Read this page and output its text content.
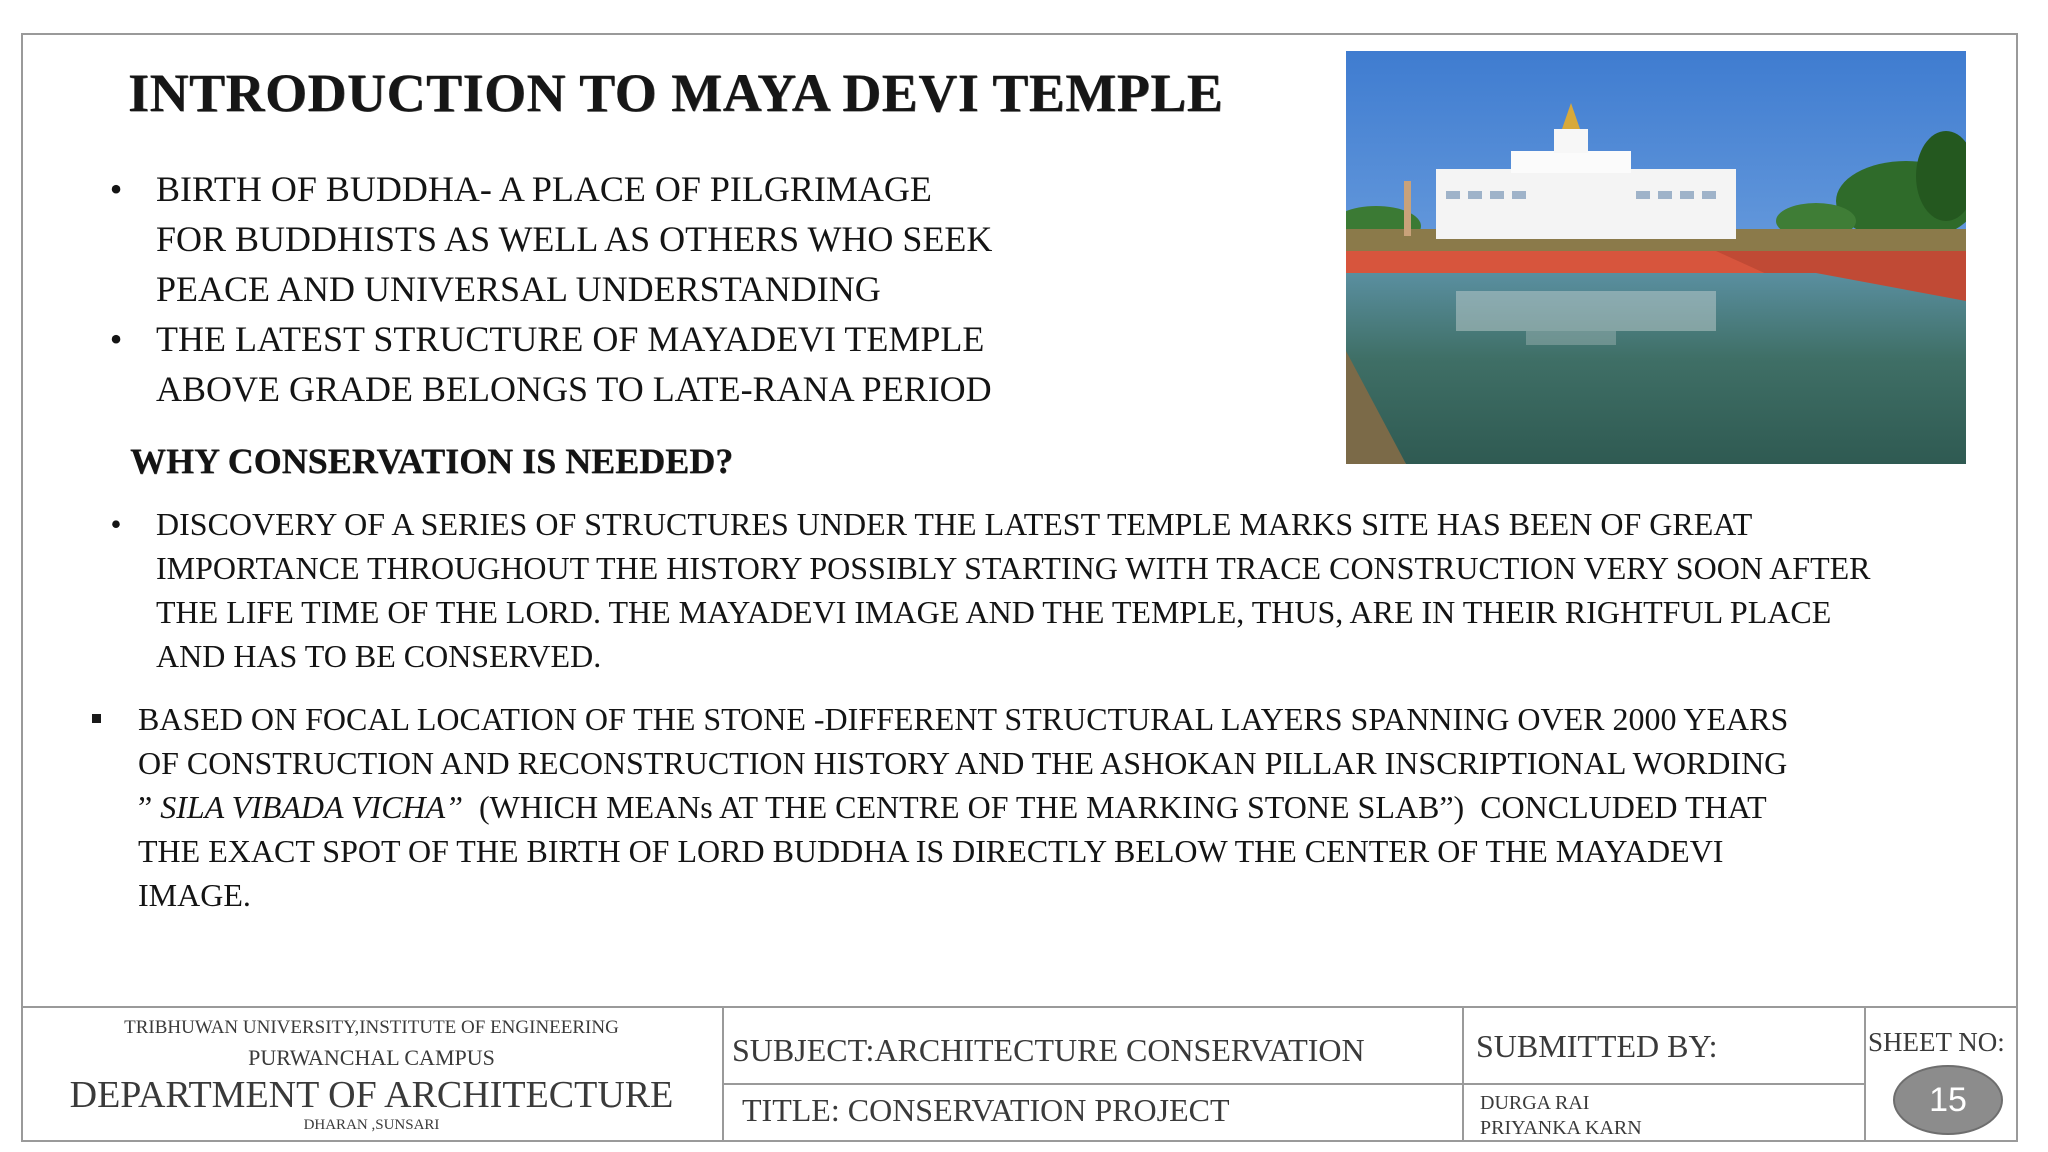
INTRODUCTION TO MAYA DEVI TEMPLE
• BIRTH OF BUDDHA- A PLACE OF PILGRIMAGE
FOR BUDDHISTS AS WELL AS OTHERS WHO SEEK
PEACE AND UNIVERSAL UNDERSTANDING
• THE LATEST STRUCTURE OF MAYADEVI TEMPLE
ABOVE GRADE BELONGS TO LATE-RANA PERIOD
WHY CONSERVATION IS NEEDED?
• DISCOVERY OF A SERIES OF STRUCTURES UNDER THE LATEST TEMPLE MARKS SITE HAS BEEN OF GREAT
IMPORTANCE THROUGHOUT THE HISTORY POSSIBLY STARTING WITH TRACE CONSTRUCTION VERY SOON AFTER
THE LIFE TIME OF THE LORD. THE MAYADEVI IMAGE AND THE TEMPLE, THUS, ARE IN THEIR RIGHTFUL PLACE
AND HAS TO BE CONSERVED.
BASED ON FOCAL LOCATION OF THE STONE -DIFFERENT STRUCTURAL LAYERS SPANNING OVER 2000 YEARS
OF CONSTRUCTION AND RECONSTRUCTION HISTORY AND THE ASHOKAN PILLAR INSCRIPTIONAL WORDING
” SILA VIBADA VICHA”  (WHICH MEANs AT THE CENTRE OF THE MARKING STONE SLAB”)  CONCLUDED THAT
THE EXACT SPOT OF THE BIRTH OF LORD BUDDHA IS DIRECTLY BELOW THE CENTER OF THE MAYADEVI
IMAGE.
TRIBHUWAN UNIVERSITY,INSTITUTE OF ENGINEERING
PURWANCHAL CAMPUS
DEPARTMENT OF ARCHITECTURE
DHARAN ,SUNSARI
SUBJECT:ARCHITECTURE CONSERVATION
TITLE: CONSERVATION PROJECT
SUBMITTED BY:
DURGA RAI
PRIYANKA KARN
SHEET NO:
15
